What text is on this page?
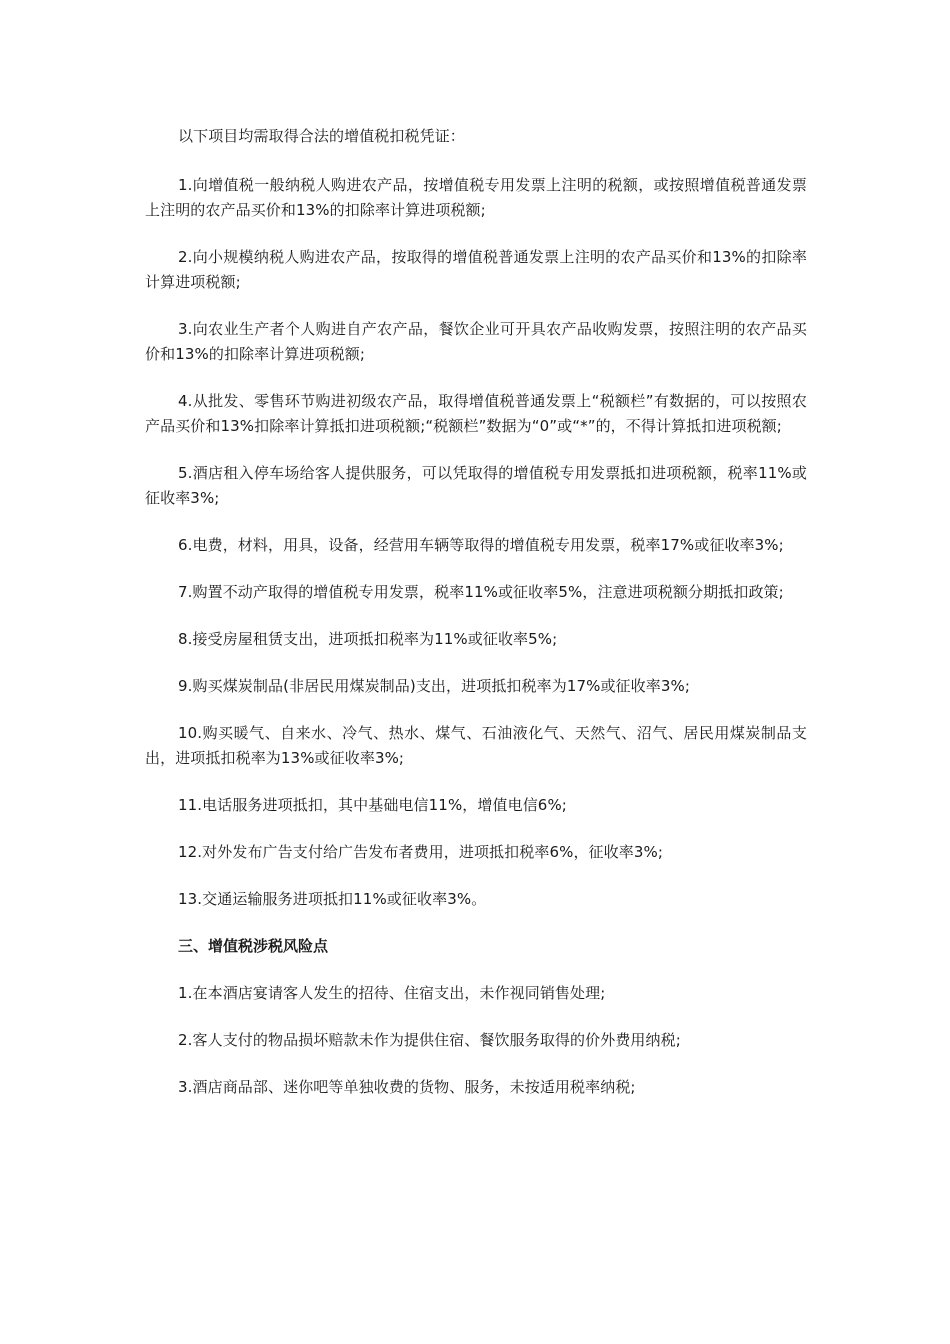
以下项目均需取得合法的增值税扣税凭证：

1.向增值税一般纳税人购进农产品，按增值税专用发票上注明的税额，或按照增值税普通发票上注明的农产品买价和13%的扣除率计算进项税额;

2.向小规模纳税人购进农产品，按取得的增值税普通发票上注明的农产品买价和13%的扣除率计算进项税额;

3.向农业生产者个人购进自产农产品，餐饮企业可开具农产品收购发票，按照注明的农产品买价和13%的扣除率计算进项税额;

4.从批发、零售环节购进初级农产品，取得增值税普通发票上“税额栏”有数据的，可以按照农产品买价和13%扣除率计算抵扣进项税额;“税额栏”数据为“0”或“*”的，不得计算抵扣进项税额;

5.酒店租入停车场给客人提供服务，可以凭取得的增值税专用发票抵扣进项税额，税率11%或征收率3%;

6.电费，材料，用具，设备，经营用车辆等取得的增值税专用发票，税率17%或征收率3%;

7.购置不动产取得的增值税专用发票，税率11%或征收率5%，注意进项税额分期抵扣政策;

8.接受房屋租赁支出，进项抵扣税率为11%或征收率5%;

9.购买煤炭制品(非居民用煤炭制品)支出，进项抵扣税率为17%或征收率3%;

10.购买暖气、自来水、冷气、热水、煤气、石油液化气、天然气、沼气、居民用煤炭制品支出，进项抵扣税率为13%或征收率3%;

11.电话服务进项抵扣，其中基础电信11%，增值电信6%;

12.对外发布广告支付给广告发布者费用，进项抵扣税率6%，征收率3%;

13.交通运输服务进项抵扣11%或征收率3%。

三、增值税涉税风险点

1.在本酒店宴请客人发生的招待、住宿支出，未作视同销售处理;

2.客人支付的物品损坏赔款未作为提供住宿、餐饮服务取得的价外费用纳税;

3.酒店商品部、迷你吧等单独收费的货物、服务，未按适用税率纳税;
